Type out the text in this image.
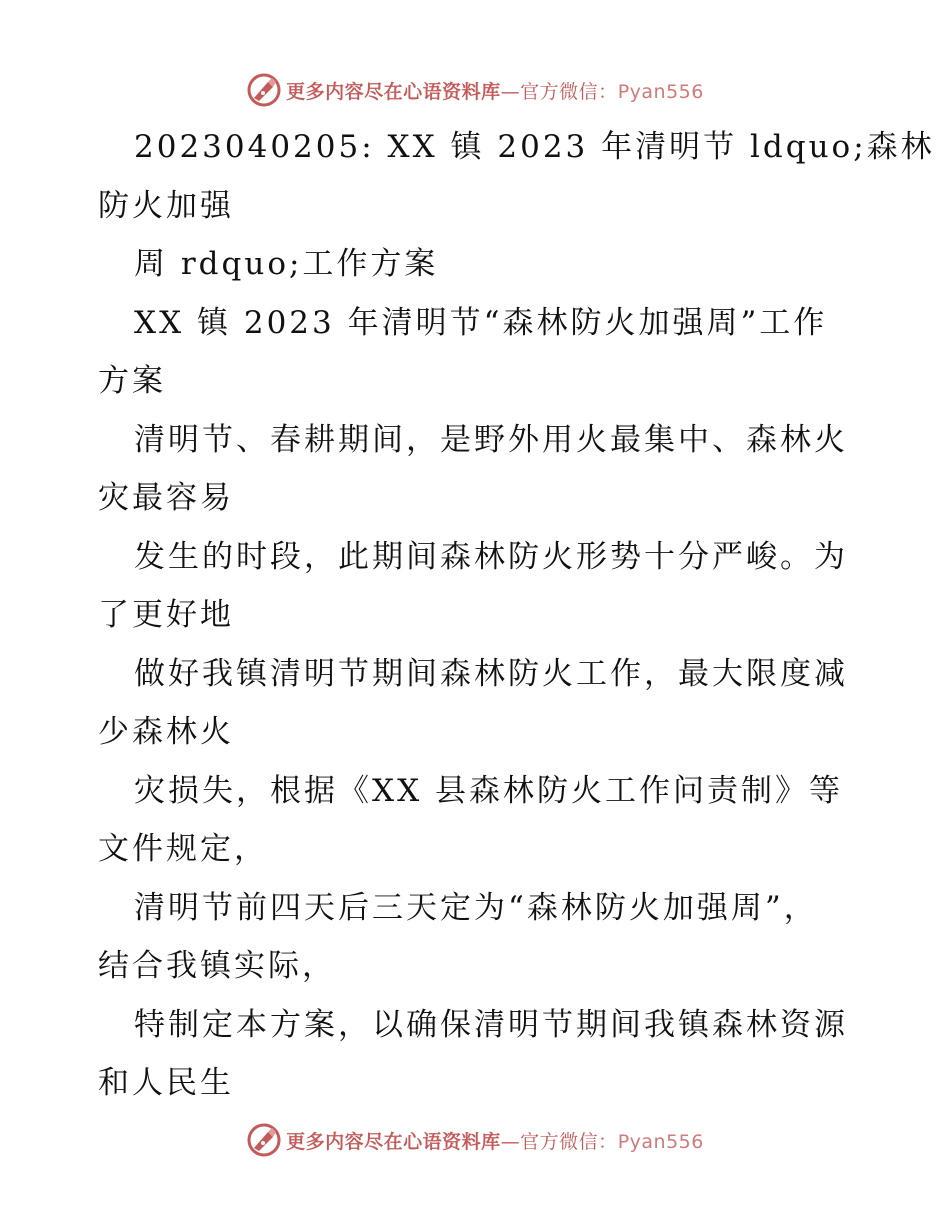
更多内容尽在心语资料库—官方微信：Pyan556

2023040205: XX 镇 2023 年清明节 ldquo;森林
防火加强

周 rdquo;工作方案

XX 镇 2023 年清明节“森林防火加强周”工作
方案

清明节、春耕期间，是野外用火最集中、森林火
灾最容易

发生的时段，此期间森林防火形势十分严峻。为
了更好地

做好我镇清明节期间森林防火工作，最大限度减
少森林火

灾损失，根据《XX 县森林防火工作问责制》等
文件规定，

清明节前四天后三天定为“森林防火加强周”，
结合我镇实际，

特制定本方案，以确保清明节期间我镇森林资源
和人民生

更多内容尽在心语资料库—官方微信：Pyan556
